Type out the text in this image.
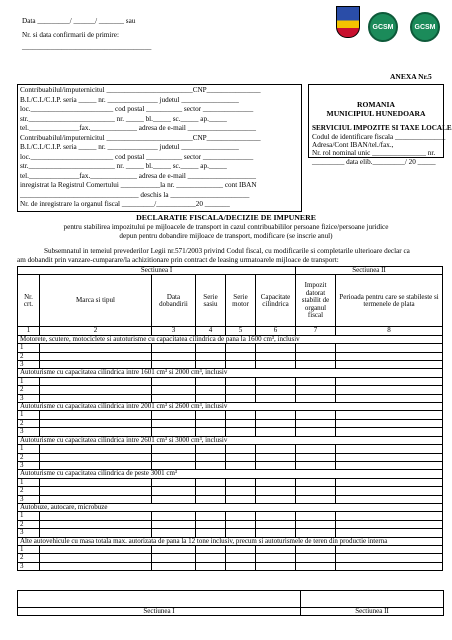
Data _________/ ______/ _______ sau
Nr. si data confirmarii de primire:
____________________________________
GCSM	GCSM
ANEXA Nr.5
Contribuabilul/imputernicitul ________________________CNP_______________
B.I./C.I./C.I.P. seria _____ nr. ______________ judetul ________________
loc._______________________ cod postal __________ sector ______________
str.________________________ nr. _____ bl._____ sc._____ ap._____
tel.______________fax._____________ adresa de e-mail ___________________
Contribuabilul/imputernicitul ________________________CNP_______________
B.I./C.I./C.I.P. seria _____ nr. ______________ judetul ________________
loc._______________________ cod postal __________ sector ______________
str.________________________ nr. _____ bl._____ sc._____ ap._____
tel.______________fax._____________ adresa de e-mail ___________________
inregistrat la Registrul Comertului ___________la nr. _____________ cont IBAN
_________________________________ deschis la ______________________
Nr. de inregistrare la organul fiscal _________/___________20 _______
ROMANIA
MUNICIPIUL HUNEDOARA
SERVICIUL IMPOZITE SI TAXE LOCALE
Codul de identificare fiscala ______________
Adresa/Cont IBAN/tel./fax.,
Nr. rol nominal unic _______________ nr.
_________ data elib._________/ 20 _____
DECLARATIE FISCALA/DECIZIE DE IMPUNERE
pentru stabilirea impozitului pe mijloacele de transport in cazul contribuabililor persoane fizice/persoane juridice
depun pentru dobandire mijloace de transport, modificare (se inscrie anul)
Subsemnatul in temeiul prevederilor Legii nr.571/2003 privind Codul fiscal, cu modificarile si completarile ulterioare declar ca
am dobandit prin vanzare-cumparare/la achizitionare prin contract de leasing urmatoarele mijloace de transport:
Sectiunea I						Sectiunea II	
Nr. crt.	Marca si tipul	Data dobandirii	Serie sasiu	Serie motor	Capacitate cilindrica	Impozit datorat stabilit de organul fiscal	Perioada pentru care se stabileste si termenele de plata
1	2	3	4	5	6	7	8
Motorete, scutere, motociclete si autoturisme cu capacitatea cilindrica de pana la 1600 cm³, inclusiv							
1							
2							
3							
Autoturisme cu capacitatea cilindrica intre 1601 cm³ si 2000 cm³, inclusiv							
1							
2							
3							
Autoturisme cu capacitatea cilindrica intre 2001 cm³ si 2600 cm³, inclusiv							
1							
2							
3							
Autoturisme cu capacitatea cilindrica intre 2601 cm³ si 3000 cm³, inclusiv							
1							
2							
3							
Autoturisme cu capacitatea cilindrica de peste 3001 cm³							
1							
2							
3							
Autobuze, autocare, microbuze							
1							
2							
3							
Alte autovehicule cu masa totala max. autorizata de pana la 12 tone inclusiv, precum si autoturismele de teren din productie interna							
1							
2							
3							
Sectiunea I	Sectiunea II
